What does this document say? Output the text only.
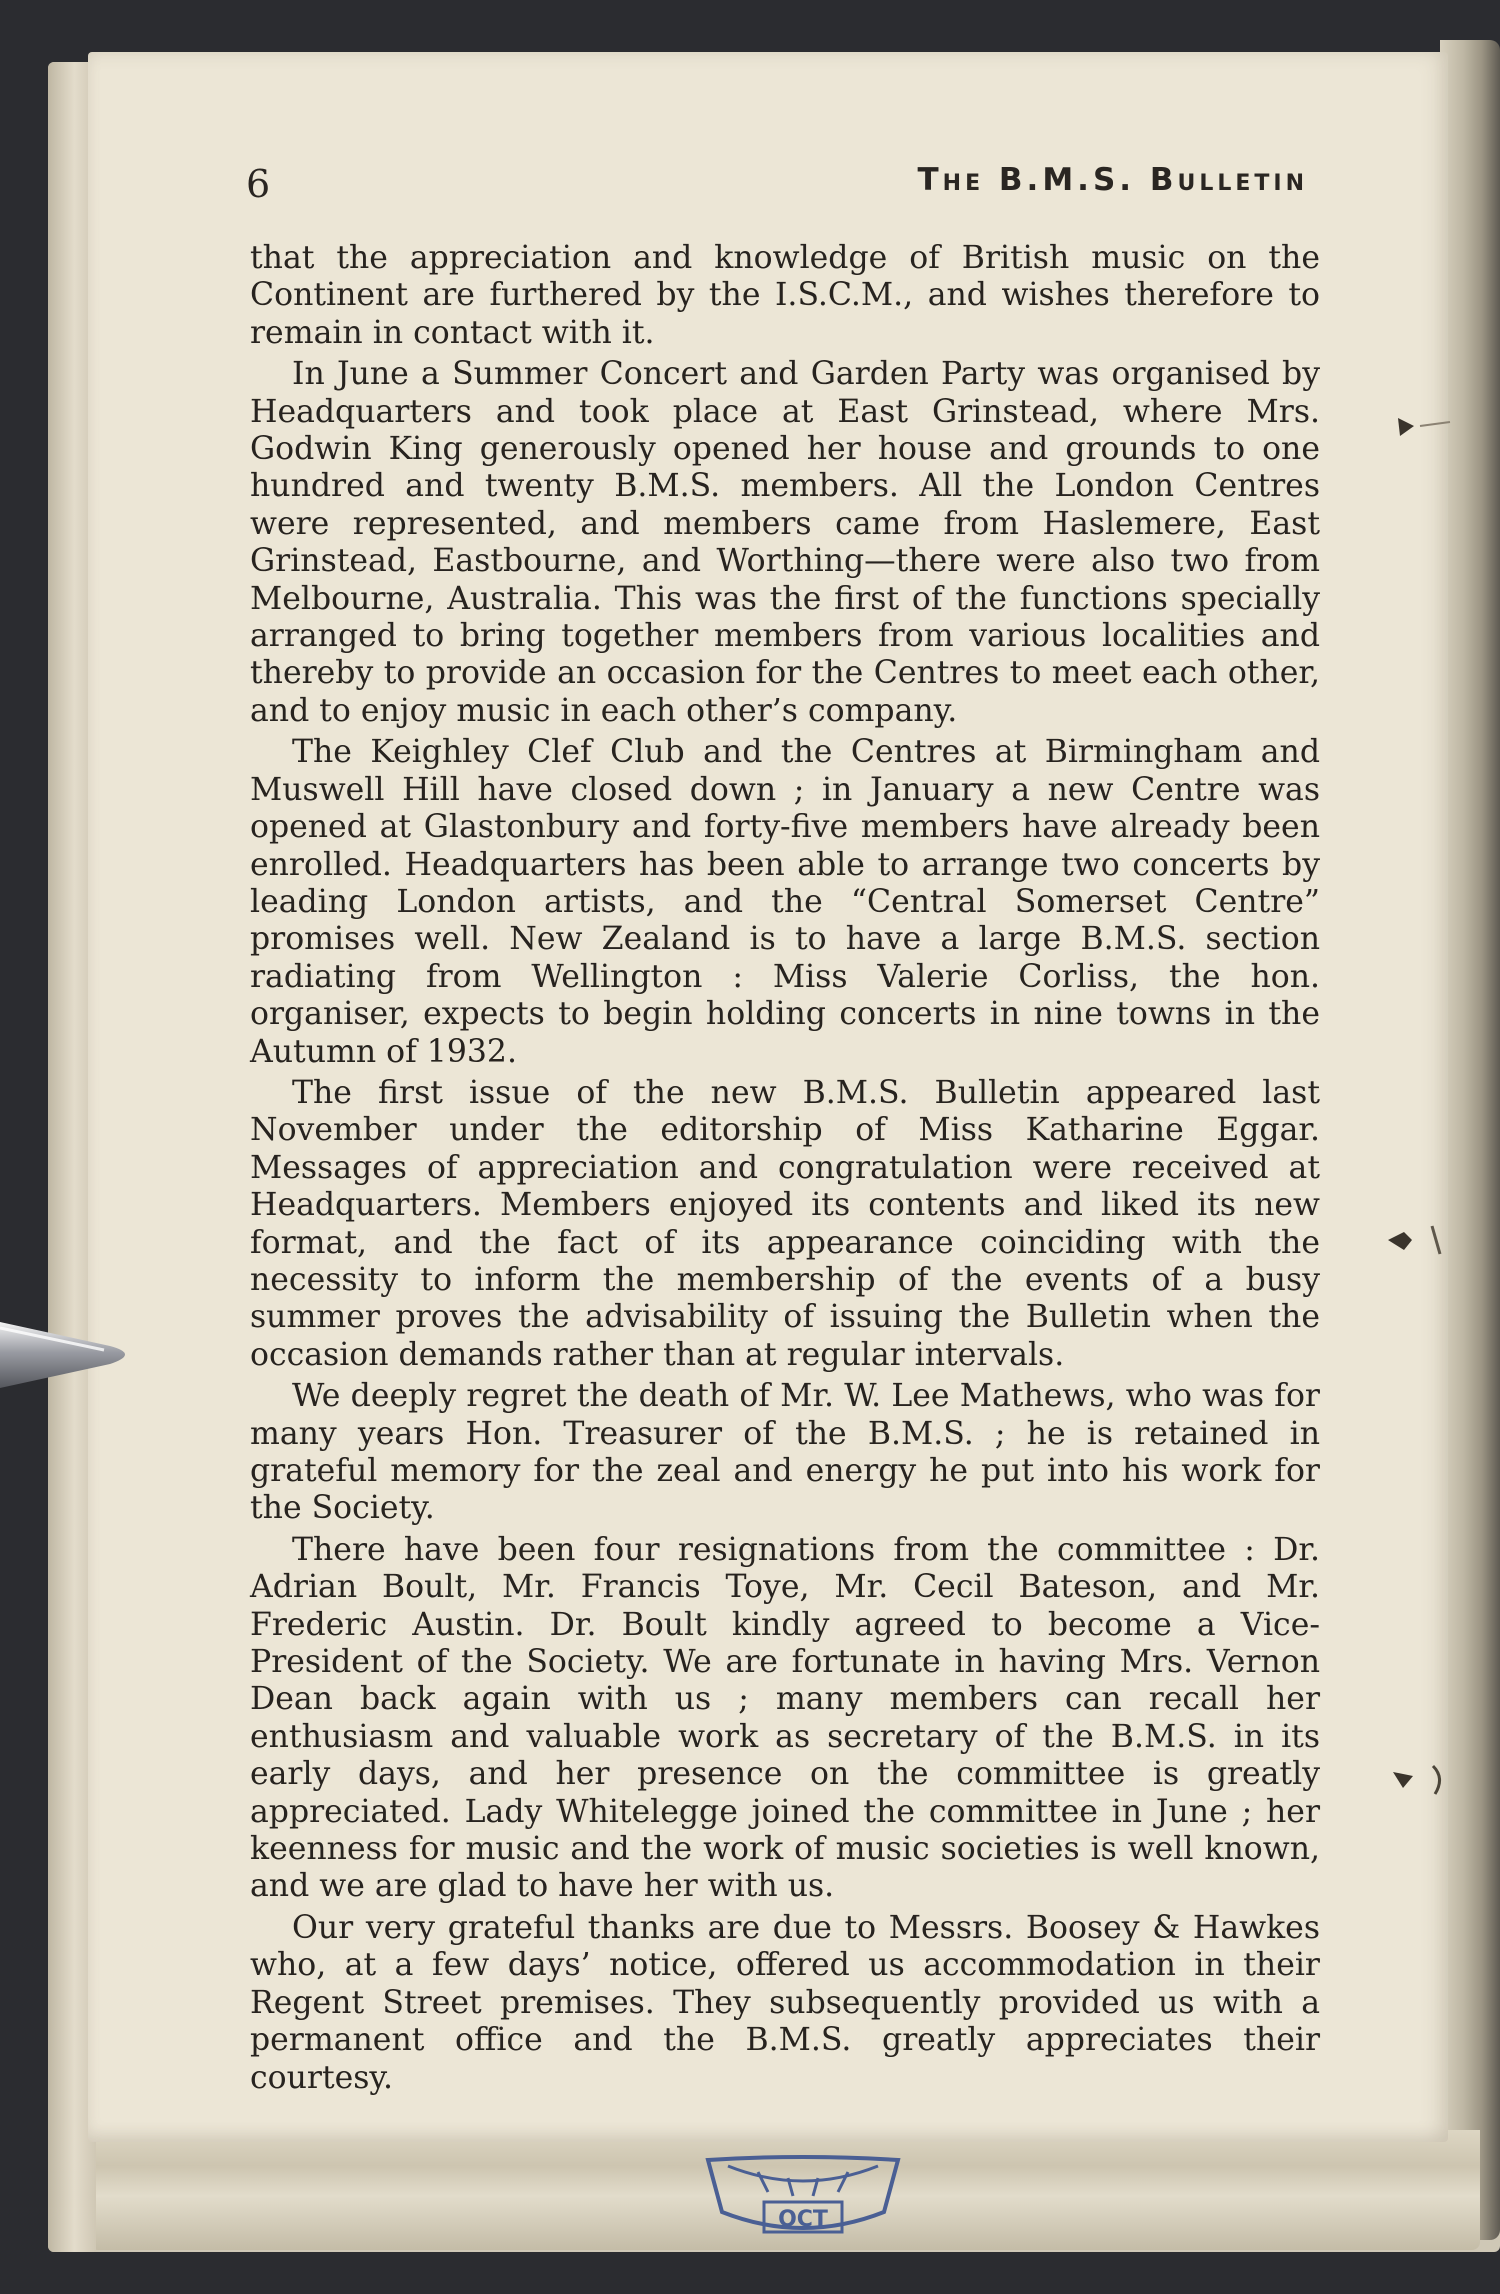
6	The B.M.S. Bulletin

that the appreciation and knowledge of British music on the Continent are furthered by the I.S.C.M., and wishes therefore to remain in contact with it.

In June a Summer Concert and Garden Party was organised by Headquarters and took place at East Grinstead, where Mrs. Godwin King generously opened her house and grounds to one hundred and twenty B.M.S. members. All the London Centres were represented, and members came from Haslemere, East Grinstead, Eastbourne, and Worthing—there were also two from Melbourne, Australia. This was the first of the functions specially arranged to bring together members from various localities and thereby to provide an occasion for the Centres to meet each other, and to enjoy music in each other’s company.

The Keighley Clef Club and the Centres at Birmingham and Muswell Hill have closed down ; in January a new Centre was opened at Glastonbury and forty-five members have already been enrolled. Headquarters has been able to arrange two concerts by leading London artists, and the “Central Somerset Centre” promises well. New Zealand is to have a large B.M.S. section radiating from Wellington : Miss Valerie Corliss, the hon. organiser, expects to begin holding concerts in nine towns in the Autumn of 1932.

The first issue of the new B.M.S. Bulletin appeared last November under the editorship of Miss Katharine Eggar. Messages of appreciation and congratulation were received at Headquarters. Members enjoyed its contents and liked its new format, and the fact of its appearance coinciding with the necessity to inform the membership of the events of a busy summer proves the advisability of issuing the Bulletin when the occasion demands rather than at regular intervals.

We deeply regret the death of Mr. W. Lee Mathews, who was for many years Hon. Treasurer of the B.M.S. ; he is retained in grateful memory for the zeal and energy he put into his work for the Society.

There have been four resignations from the committee : Dr. Adrian Boult, Mr. Francis Toye, Mr. Cecil Bateson, and Mr. Frederic Austin. Dr. Boult kindly agreed to become a Vice-President of the Society. We are fortunate in having Mrs. Vernon Dean back again with us ; many members can recall her enthusiasm and valuable work as secretary of the B.M.S. in its early days, and her presence on the committee is greatly appreciated. Lady Whitelegge joined the committee in June ; her keenness for music and the work of music societies is well known, and we are glad to have her with us.

Our very grateful thanks are due to Messrs. Boosey & Hawkes who, at a few days’ notice, offered us accommodation in their Regent Street premises. They subsequently provided us with a permanent office and the B.M.S. greatly appreciates their courtesy.

OCT
